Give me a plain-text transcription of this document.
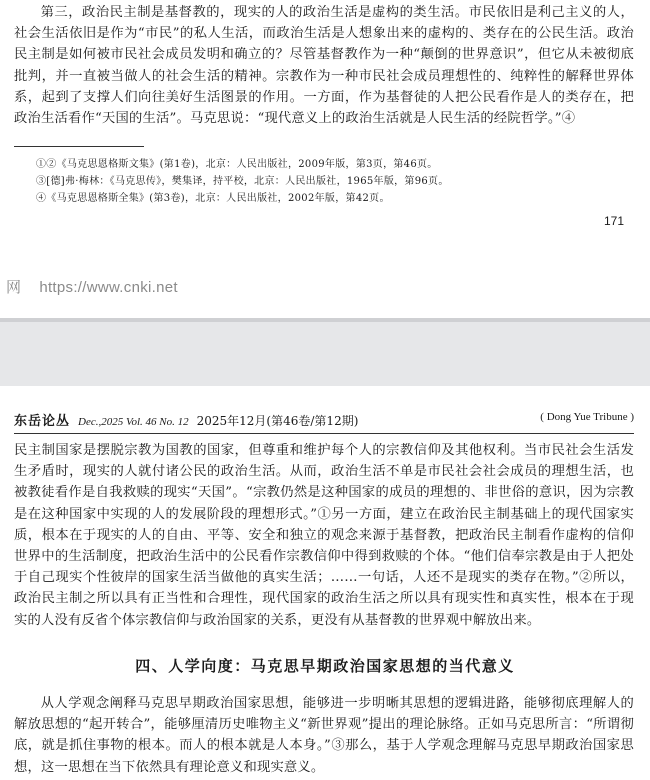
第三，政治民主制是基督教的，现实的人的政治生活是虚构的类生活。市民依旧是利己主义的人，社会生活依旧是作为“市民”的私人生活，而政治生活是人想象出来的虚构的、类存在的公民生活。政治民主制是如何被市民社会成员发明和确立的？尽管基督教作为一种“颠倒的世界意识”，但它从未被彻底批判，并一直被当做人的社会生活的精神。宗教作为一种市民社会成员理想性的、纯粹性的解释世界体系，起到了支撑人们向往美好生活图景的作用。一方面，作为基督徒的人把公民看作是人的类存在，把政治生活看作“天国的生活”。马克思说：“现代意义上的政治生活就是人民生活的经院哲学。”④

①②《马克思恩格斯文集》(第1卷)，北京：人民出版社，2009年版，第3页，第46页。
③[德]弗·梅林：《马克思传》，樊集译，持平校，北京：人民出版社，1965年版，第96页。
④《马克思恩格斯全集》(第3卷)，北京：人民出版社，2002年版，第42页。
171
网 https://www.cnki.net
东岳论丛 Dec.,2025 Vol. 46 No. 12 2025年12月(第46卷/第12期)	( Dong Yue Tribune )

民主制国家是摆脱宗教为国教的国家，但尊重和维护每个人的宗教信仰及其他权利。当市民社会生活发生矛盾时，现实的人就付诸公民的政治生活。从而，政治生活不单是市民社会社会成员的理想生活，也被教徒看作是自我救赎的现实“天国”。“宗教仍然是这种国家的成员的理想的、非世俗的意识，因为宗教是在这种国家中实现的人的发展阶段的理想形式。”①另一方面，建立在政治民主制基础上的现代国家实质，根本在于现实的人的自由、平等、安全和独立的观念来源于基督教，把政治民主制看作虚构的信仰世界中的生活制度，把政治生活中的公民看作宗教信仰中得到救赎的个体。“他们信奉宗教是由于人把处于自己现实个性彼岸的国家生活当做他的真实生活；……一句话，人还不是现实的类存在物。”②所以，政治民主制之所以具有正当性和合理性，现代国家的政治生活之所以具有现实性和真实性，根本在于现实的人没有反省个体宗教信仰与政治国家的关系，更没有从基督教的世界观中解放出来。

四、人学向度：马克思早期政治国家思想的当代意义

从人学观念阐释马克思早期政治国家思想，能够进一步明晰其思想的逻辑进路，能够彻底理解人的解放思想的“起开转合”，能够厘清历史唯物主义“新世界观”提出的理论脉络。正如马克思所言：“所谓彻底，就是抓住事物的根本。而人的根本就是人本身。”③那么，基于人学观念理解马克思早期政治国家思想，这一思想在当下依然具有理论意义和现实意义。
